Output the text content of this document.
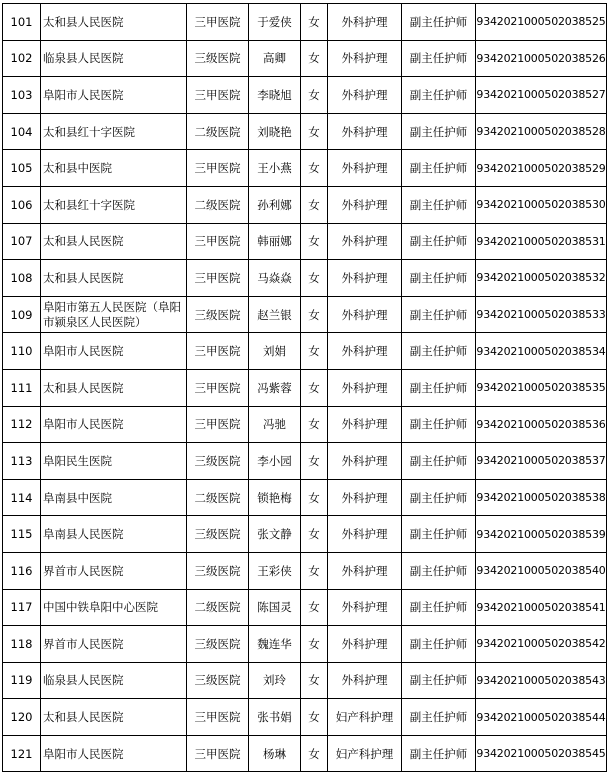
101	太和县人民医院	三甲医院	于爱侠	女	外科护理	副主任护师	934202100050203852​5
102	临泉县人民医院	三级医院	高卿	女	外科护理	副主任护师	9342021000502038526
103	阜阳市人民医院	三甲医院	李晓旭	女	外科护理	副主任护师	9342021000502038527
104	太和县红十字医院	二级医院	刘晓艳	女	外科护理	副主任护师	9342021000502038528
105	太和县中医院	三甲医院	王小燕	女	外科护理	副主任护师	9342021000502038529
106	太和县红十字医院	二级医院	孙利娜	女	外科护理	副主任护师	9342021000502038530
107	太和县人民医院	三甲医院	韩丽娜	女	外科护理	副主任护师	9342021000502038531
108	太和县人民医院	三甲医院	马焱焱	女	外科护理	副主任护师	9342021000502038532
109	阜阳市第五人民医院（阜阳市颍泉区人民医院）	三级医院	赵兰银	女	外科护理	副主任护师	9342021000502038533
110	阜阳市人民医院	三甲医院	刘娟	女	外科护理	副主任护师	9342021000502038534
111	太和县人民医院	三甲医院	冯紫蓉	女	外科护理	副主任护师	9342021000502038535
112	阜阳市人民医院	三甲医院	冯驰	女	外科护理	副主任护师	9342021000502038536
113	阜阳民生医院	三级医院	李小园	女	外科护理	副主任护师	9342021000502038537
114	阜南县中医院	二级医院	锁艳梅	女	外科护理	副主任护师	9342021000502038538
115	阜南县人民医院	三级医院	张文静	女	外科护理	副主任护师	9342021000502038539
116	界首市人民医院	三级医院	王彩侠	女	外科护理	副主任护师	9342021000502038540
117	中国中铁阜阳中心医院	二级医院	陈国灵	女	外科护理	副主任护师	9342021000502038541
118	界首市人民医院	三级医院	魏连华	女	外科护理	副主任护师	9342021000502038542
119	临泉县人民医院	三级医院	刘玲	女	外科护理	副主任护师	9342021000502038543
120	太和县人民医院	三甲医院	张书娟	女	妇产科护理	副主任护师	9342021000502038544
121	阜阳市人民医院	三甲医院	杨琳	女	妇产科护理	副主任护师	9342021000502038545
